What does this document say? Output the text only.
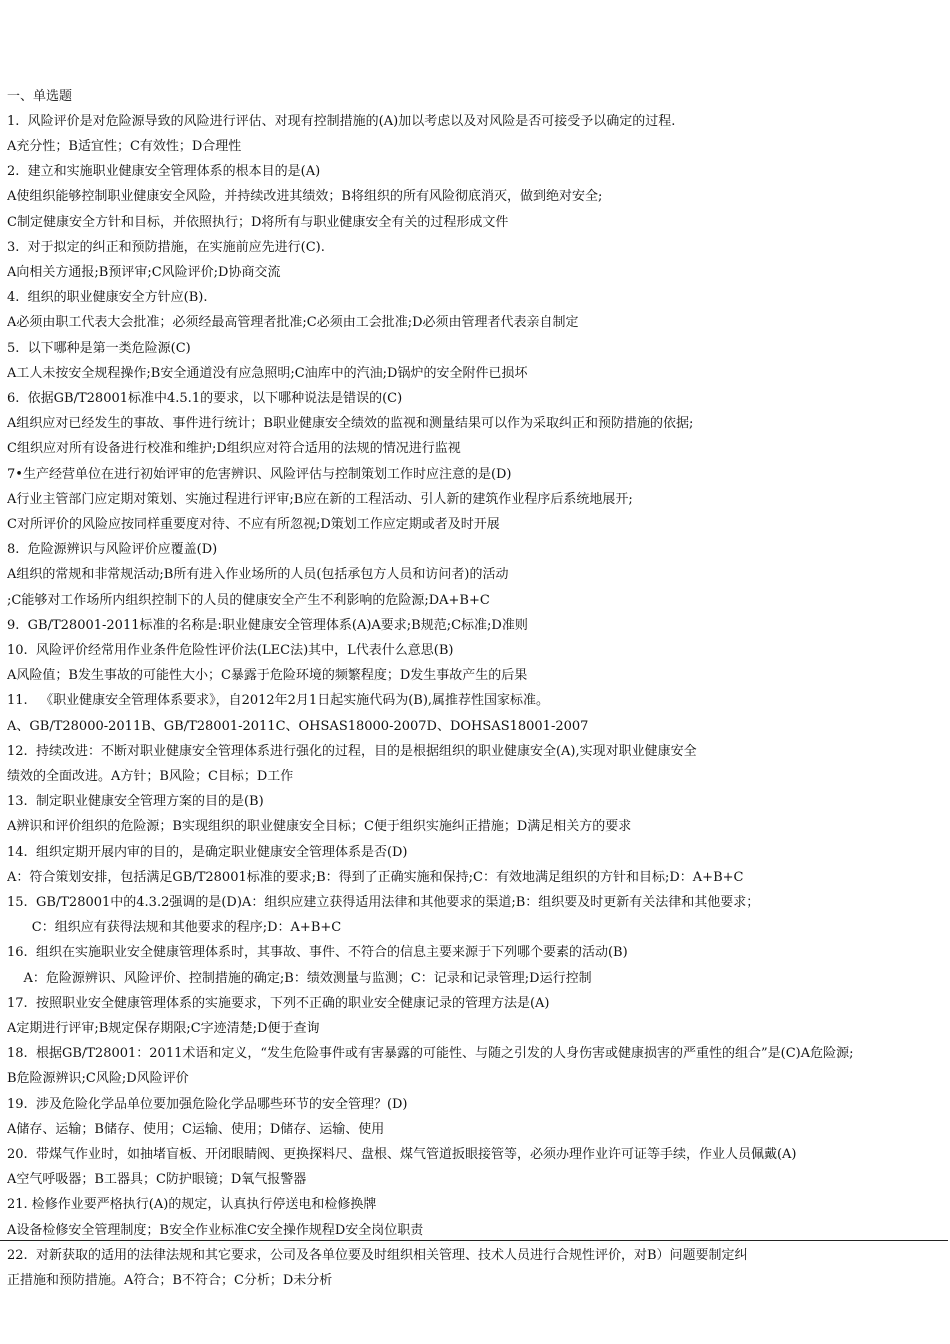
一、单选题
1.  风险评价是对危险源导致的风险进行评估、对现有控制措施的(A)加以考虑以及对风险是否可接受予以确定的过程.
A充分性；B适宜性；C有效性；D合理性
2.  建立和实施职业健康安全管理体系的根本目的是(A)
A使组织能够控制职业健康安全风险，并持续改进其绩效；B将组织的所有风险彻底消灭，做到绝对安全;
C制定健康安全方针和目标，并依照执行；D将所有与职业健康安全有关的过程形成文件
3.  对于拟定的纠正和预防措施，在实施前应先进行(C).
A向相关方通报;B预评审;C风险评价;D协商交流
4.  组织的职业健康安全方针应(B).
A必须由职工代表大会批准；必须经最高管理者批准;C必须由工会批准;D必须由管理者代表亲自制定
5.  以下哪种是第一类危险源(C)
A工人未按安全规程操作;B安全通道没有应急照明;C油库中的汽油;D锅炉的安全附件已损坏
6.  依据GB/T28001标准中4.5.1的要求，以下哪种说法是错误的(C)
A组织应对已经发生的事故、事件进行统计；B职业健康安全绩效的监视和测量结果可以作为采取纠正和预防措施的依据;
C组织应对所有设备进行校准和维护;D组织应对符合适用的法规的情况进行监视
7•生产经营单位在进行初始评审的危害辨识、风险评估与控制策划工作时应注意的是(D)
A行业主管部门应定期对策划、实施过程进行评审;B应在新的工程活动、引人新的建筑作业程序后系统地展开;
C对所评价的风险应按同样重要度对待、不应有所忽视;D策划工作应定期或者及时开展
8.  危险源辨识与风险评价应覆盖(D)
A组织的常规和非常规活动;B所有进入作业场所的人员(包括承包方人员和访问者)的活动
;C能够对工作场所内组织控制下的人员的健康安全产生不利影响的危险源;DA+B+C
9.  GB/T28001-2011标准的名称是:职业健康安全管理体系(A)A要求;B规范;C标准;D准则
10.  风险评价经常用作业条件危险性评价法(LEC法)其中，L代表什么意思(B)
A风险值；B发生事故的可能性大小；C暴露于危险环境的频繁程度；D发生事故产生的后果
11.   《职业健康安全管理体系要求》，自2012年2月1日起实施代码为(B),属推荐性国家标准。
A、GB/T28000-2011B、GB/T28001-2011C、OHSAS18000-2007D、DOHSAS18001-2007
12.  持续改进：不断对职业健康安全管理体系进行强化的过程，目的是根据组织的职业健康安全(A),实现对职业健康安全
绩效的全面改进。A方针；B风险；C目标；D工作
13.  制定职业健康安全管理方案的目的是(B)
A辨识和评价组织的危险源；B实现组织的职业健康安全目标；C便于组织实施纠正措施；D满足相关方的要求
14.  组织定期开展内审的目的，是确定职业健康安全管理体系是否(D)
A：符合策划安排，包括满足GB/T28001标准的要求;B：得到了正确实施和保持;C：有效地满足组织的方针和目标;D：A+B+C
15.  GB/T28001中的4.3.2强调的是(D)A：组织应建立获得适用法律和其他要求的渠道;B：组织要及时更新有关法律和其他要求；
C：组织应有获得法规和其他要求的程序;D：A+B+C
16.  组织在实施职业安全健康管理体系时，其事故、事件、不符合的信息主要来源于下列哪个要素的活动(B)
A：危险源辨识、风险评价、控制措施的确定;B：绩效测量与监测；C：记录和记录管理;D运行控制
17.  按照职业安全健康管理体系的实施要求，下列不正确的职业安全健康记录的管理方法是(A)
A定期进行评审;B规定保存期限;C字迹清楚;D便于查询
18.  根据GB/T28001：2011术语和定义，“发生危险事件或有害暴露的可能性、与随之引发的人身伤害或健康损害的严重性的组合”是(C)A危险源;
B危险源辨识;C风险;D风险评价
19.  涉及危险化学品单位要加强危险化学品哪些环节的安全管理？(D)
A储存、运输；B储存、使用；C运输、使用；D储存、运输、使用
20.  带煤气作业时，如抽堵盲板、开闭眼睛阀、更换探料尺、盘根、煤气管道扳眼接管等，必须办理作业许可证等手续，作业人员佩戴(A)
A空气呼吸器；B工器具；C防护眼镜；D氧气报警器
21. 检修作业要严格执行(A)的规定，认真执行停送电和检修换牌
A设备检修安全管理制度；B安全作业标准C安全操作规程D安全岗位职责
22.  对新获取的适用的法律法规和其它要求，公司及各单位要及时组织相关管理、技术人员进行合规性评价，对B）问题要制定纠
正措施和预防措施。A符合；B不符合；C分析；D未分析
